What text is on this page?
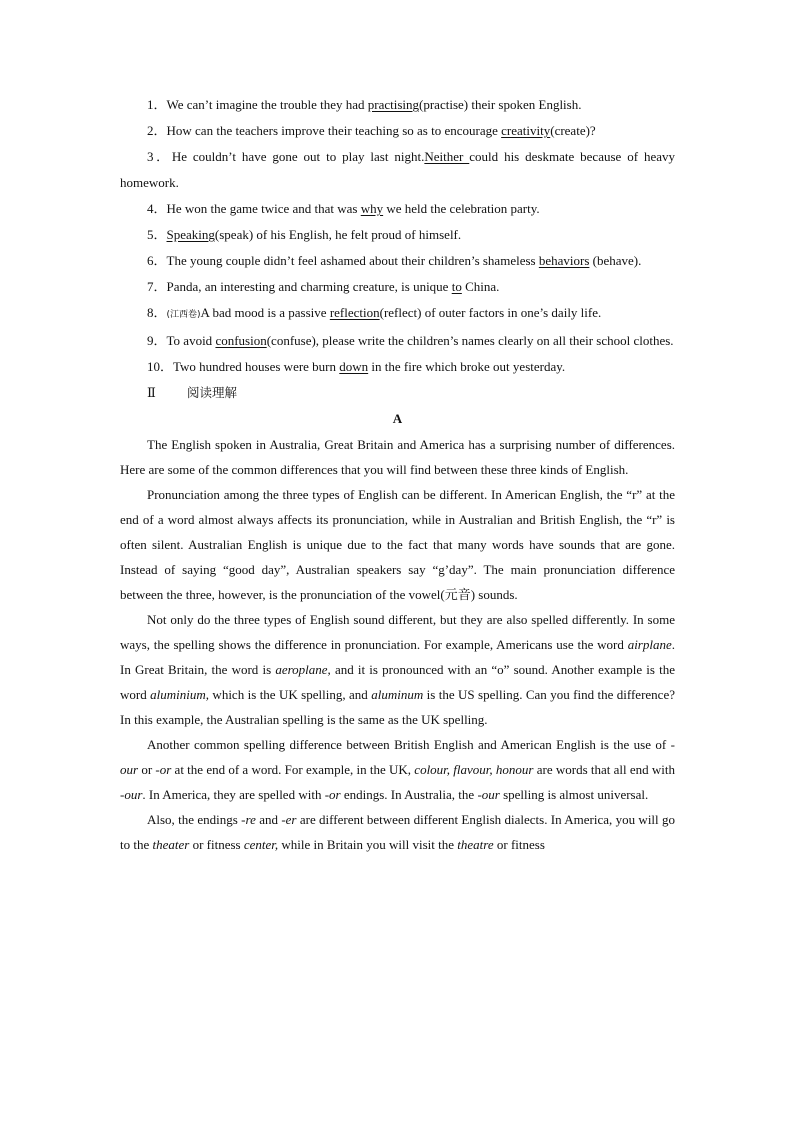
1．We can’t imagine the trouble they had practising(practise) their spoken English.

2．How can the teachers improve their teaching so as to encourage creativity(create)?

3．He couldn’t have gone out to play last night.Neither could his deskmate because of heavy homework.

4．He won the game twice and that was why we held the celebration party.

5．Speaking(speak) of his English, he felt proud of himself.

6．The young couple didn’t feel ashamed about their children’s shameless behaviors (behave).

7．Panda, an interesting and charming creature, is unique to China.

8．(江西卷)A bad mood is a passive reflection(reflect) of outer factors in one’s daily life.

9．To avoid confusion(confuse), please write the children’s names clearly on all their school clothes.

10．Two hundred houses were burn down in the fire which broke out yesterday.

Ⅱ 阅读理解

A

The English spoken in Australia, Great Britain and America has a surprising number of differences. Here are some of the common differences that you will find between these three kinds of English.

Pronunciation among the three types of English can be different. In American English, the “r” at the end of a word almost always affects its pronunciation, while in Australian and British English, the “r” is often silent. Australian English is unique due to the fact that many words have sounds that are gone. Instead of saying “good day”, Australian speakers say “g’day”. The main pronunciation difference between the three, however, is the pronunciation of the vowel(元音) sounds.

Not only do the three types of English sound different, but they are also spelled differently. In some ways, the spelling shows the difference in pronunciation. For example, Americans use the word airplane. In Great Britain, the word is aeroplane, and it is pronounced with an “o” sound. Another example is the word aluminium, which is the UK spelling, and aluminum is the US spelling. Can you find the difference? In this example, the Australian spelling is the same as the UK spelling.

Another common spelling difference between British English and American English is the use of -our or -or at the end of a word. For example, in the UK, colour, flavour, honour are words that all end with -our. In America, they are spelled with -or endings. In Australia, the -our spelling is almost universal.

Also, the endings -re and -er are different between different English dialects. In America, you will go to the theater or fitness center, while in Britain you will visit the theatre or fitness
